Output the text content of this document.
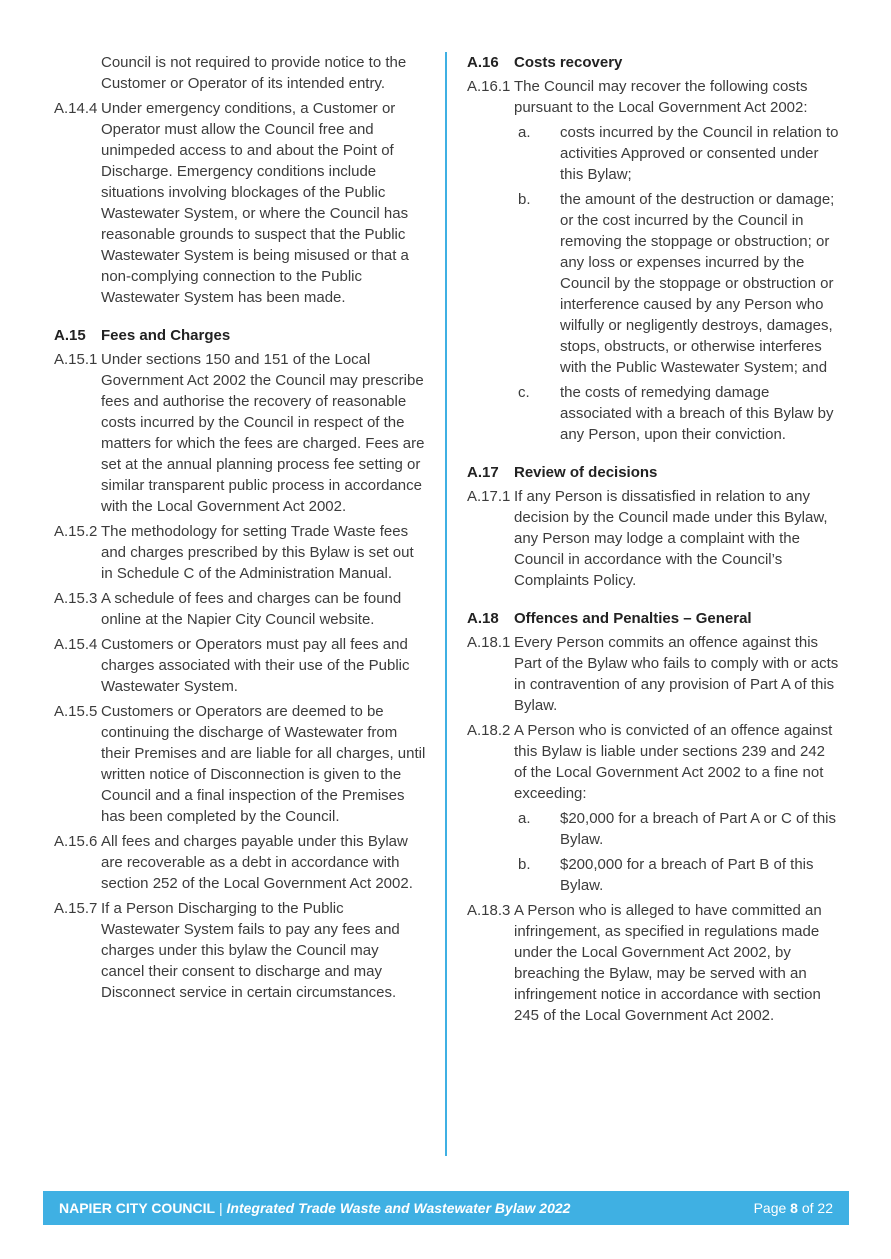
Council is not required to provide notice to the Customer or Operator of its intended entry.
A.14.4 Under emergency conditions, a Customer or Operator must allow the Council free and unimpeded access to and about the Point of Discharge. Emergency conditions include situations involving blockages of the Public Wastewater System, or where the Council has reasonable grounds to suspect that the Public Wastewater System is being misused or that a non-complying connection to the Public Wastewater System has been made.
A.15	Fees and Charges
A.15.1 Under sections 150 and 151 of the Local Government Act 2002 the Council may prescribe fees and authorise the recovery of reasonable costs incurred by the Council in respect of the matters for which the fees are charged. Fees are set at the annual planning process fee setting or similar transparent public process in accordance with the Local Government Act 2002.
A.15.2 The methodology for setting Trade Waste fees and charges prescribed by this Bylaw is set out in Schedule C of the Administration Manual.
A.15.3 A schedule of fees and charges can be found online at the Napier City Council website.
A.15.4 Customers or Operators must pay all fees and charges associated with their use of the Public Wastewater System.
A.15.5 Customers or Operators are deemed to be continuing the discharge of Wastewater from their Premises and are liable for all charges, until written notice of Disconnection is given to the Council and a final inspection of the Premises has been completed by the Council.
A.15.6 All fees and charges payable under this Bylaw are recoverable as a debt in accordance with section 252 of the Local Government Act 2002.
A.15.7 If a Person Discharging to the Public Wastewater System fails to pay any fees and charges under this bylaw the Council may cancel their consent to discharge and may Disconnect service in certain circumstances.
A.16	Costs recovery
A.16.1 The Council may recover the following costs pursuant to the Local Government Act 2002:
a.	costs incurred by the Council in relation to activities Approved or consented under this Bylaw;
b.	the amount of the destruction or damage; or the cost incurred by the Council in removing the stoppage or obstruction; or any loss or expenses incurred by the Council by the stoppage or obstruction or interference caused by any Person who wilfully or negligently destroys, damages, stops, obstructs, or otherwise interferes with the Public Wastewater System; and
c.	the costs of remedying damage associated with a breach of this Bylaw by any Person, upon their conviction.
A.17	Review of decisions
A.17.1 If any Person is dissatisfied in relation to any decision by the Council made under this Bylaw, any Person may lodge a complaint with the Council in accordance with the Council’s Complaints Policy.
A.18	Offences and Penalties – General
A.18.1 Every Person commits an offence against this Part of the Bylaw who fails to comply with or acts in contravention of any provision of Part A of this Bylaw.
A.18.2 A Person who is convicted of an offence against this Bylaw is liable under sections 239 and 242 of the Local Government Act 2002 to a fine not exceeding:
a.	$20,000 for a breach of Part A or C of this Bylaw.
b.	$200,000 for a breach of Part B of this Bylaw.
A.18.3 A Person who is alleged to have committed an infringement, as specified in regulations made under the Local Government Act 2002, by breaching the Bylaw, may be served with an infringement notice in accordance with section 245 of the Local Government Act 2002.
NAPIER CITY COUNCIL | Integrated Trade Waste and Wastewater Bylaw 2022	Page 8 of 22
